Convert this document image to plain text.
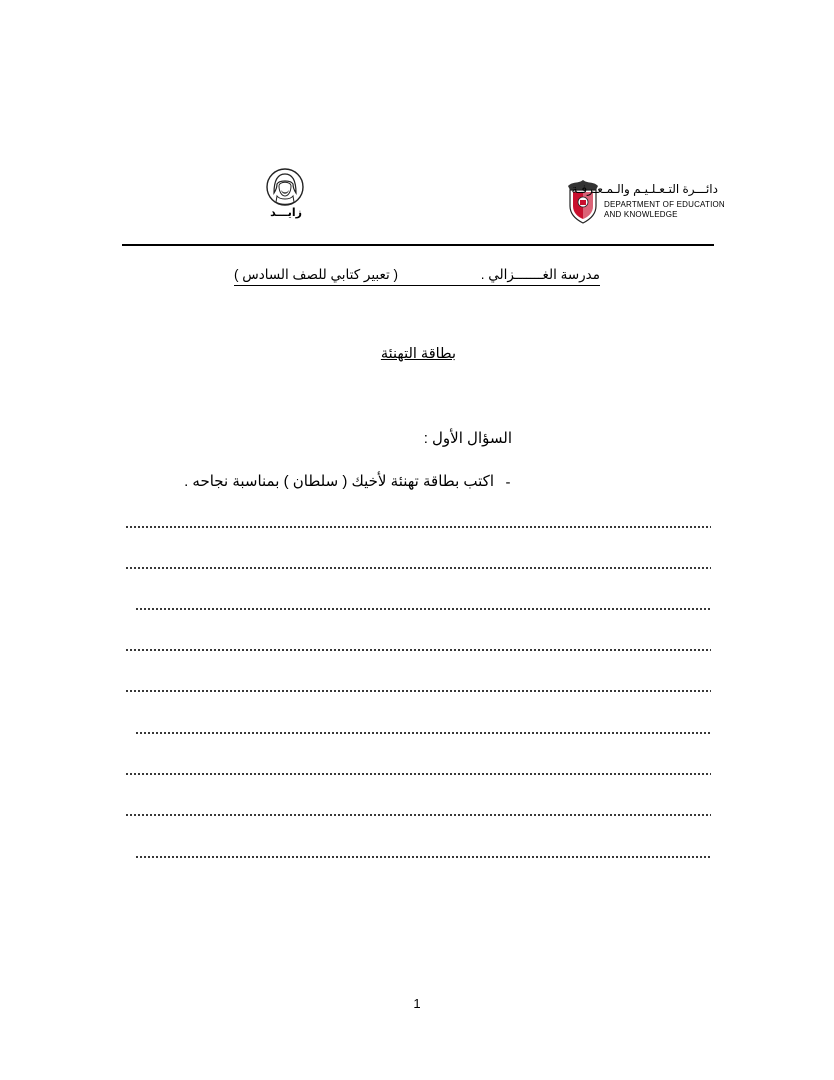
زايـــد
دائـــرة التـعـلـيـم والـمـعـرفـة
DEPARTMENT OF EDUCATION
AND KNOWLEDGE
مدرسة الغـــــــزالي .
( تعبير كتابي للصف السادس )
بطاقة التهنئة
السؤال الأول :
-
اكتب بطاقة تهنئة لأخيك ( سلطان ) بمناسبة نجاحه .
1
